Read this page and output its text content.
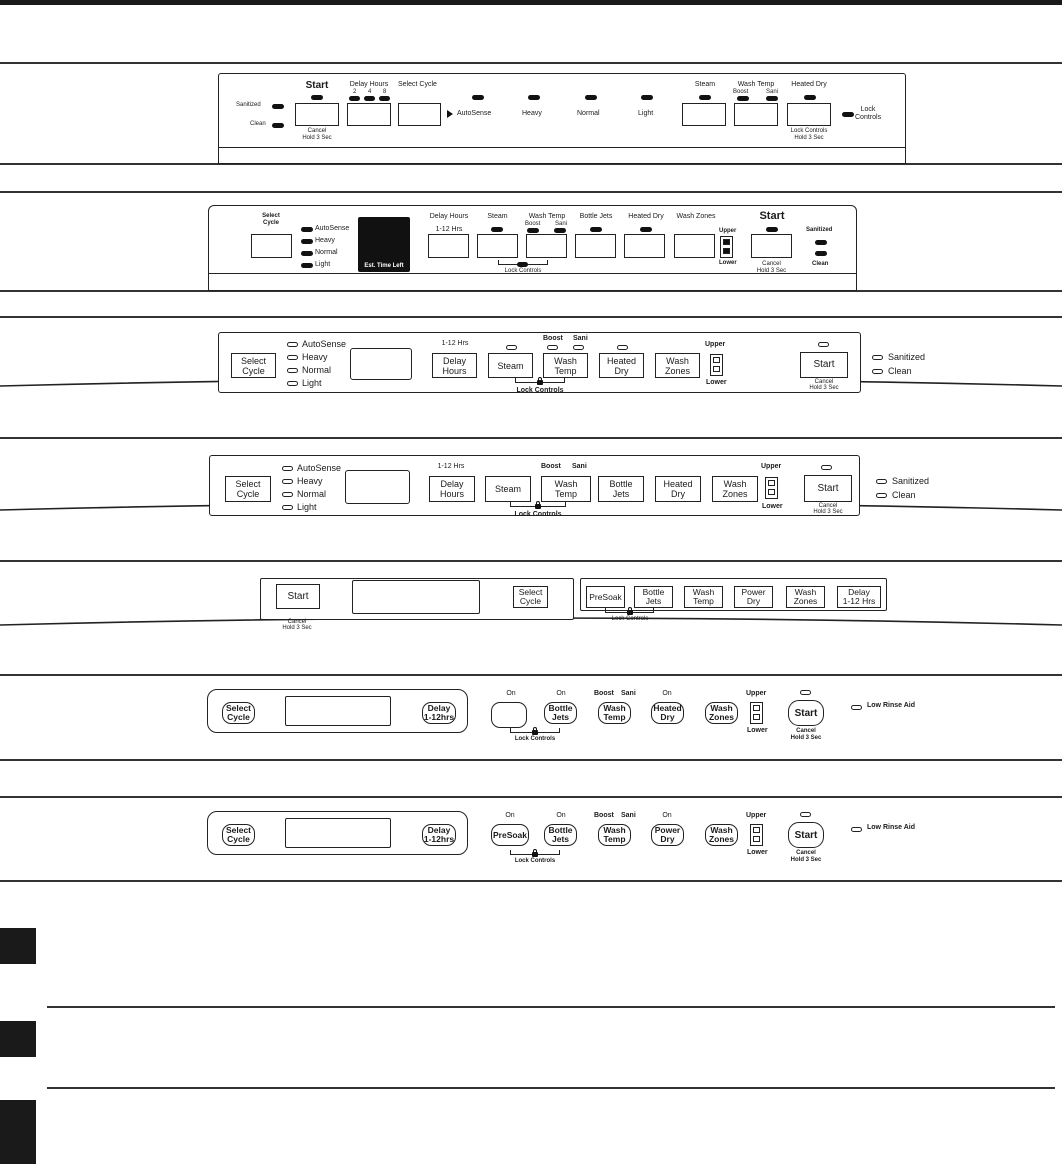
Sanitized
Clean
Start
Cancel
Hold 3 Sec
Delay Hours
2 4 8
Select Cycle
AutoSense	Heavy	Normal	Light
Steam	Wash Temp
Boost	Sani
Heated Dry
Lock Controls
Hold 3 Sec
Lock
Controls
Select
Cycle
AutoSense
Heavy
Normal
Light	Est. Time Left
Delay Hours
1-12 Hrs
Steam	Wash Temp
Boost Sani
Bottle Jets	Heated Dry	Wash Zones
Upper
Lower
Start
Cancel
Hold 3 Sec
Sanitized
Clean
Lock Controls
Select
Cycle
AutoSense
Heavy
Normal
Light
1-12 Hrs
Delay
Hours	Steam
Boost Sani
Wash
Temp
Heated
Dry
Wash
Zones
Upper
Lower
Start
Cancel
Hold 3 Sec
Sanitized
Clean
Lock Controls
Select
Cycle
AutoSense
Heavy
Normal
Light
1-12 Hrs
Delay
Hours	Steam
Boost Sani
Wash
Temp
Bottle
Jets
Heated
Dry
Wash
Zones
Upper
Lower
Start
Cancel
Hold 3 Sec
Sanitized
Clean
Lock Controls
Start
Cancel
Hold 3 Sec
Select
Cycle	PreSoak Bottle
Jets
Wash
Temp
Power
Dry
Wash
Zones
Delay
1-12 Hrs
Lock Controls
Select
Cycle
Delay
1-12hrs
On	On
Bottle
Jets
Boost Sani
Wash
Temp
On
Heated
Dry
Wash
Zones
Upper
Lower
Start
Cancel
Hold 3 Sec
Low Rinse Aid
Lock Controls
Select
Cycle
Delay
1-12hrs
On
PreSoak
On
Bottle
Jets
Boost Sani
Wash
Temp
On
Power
Dry
Wash
Zones
Upper
Lower
Start
Cancel
Hold 3 Sec
Low Rinse Aid
Lock Controls
